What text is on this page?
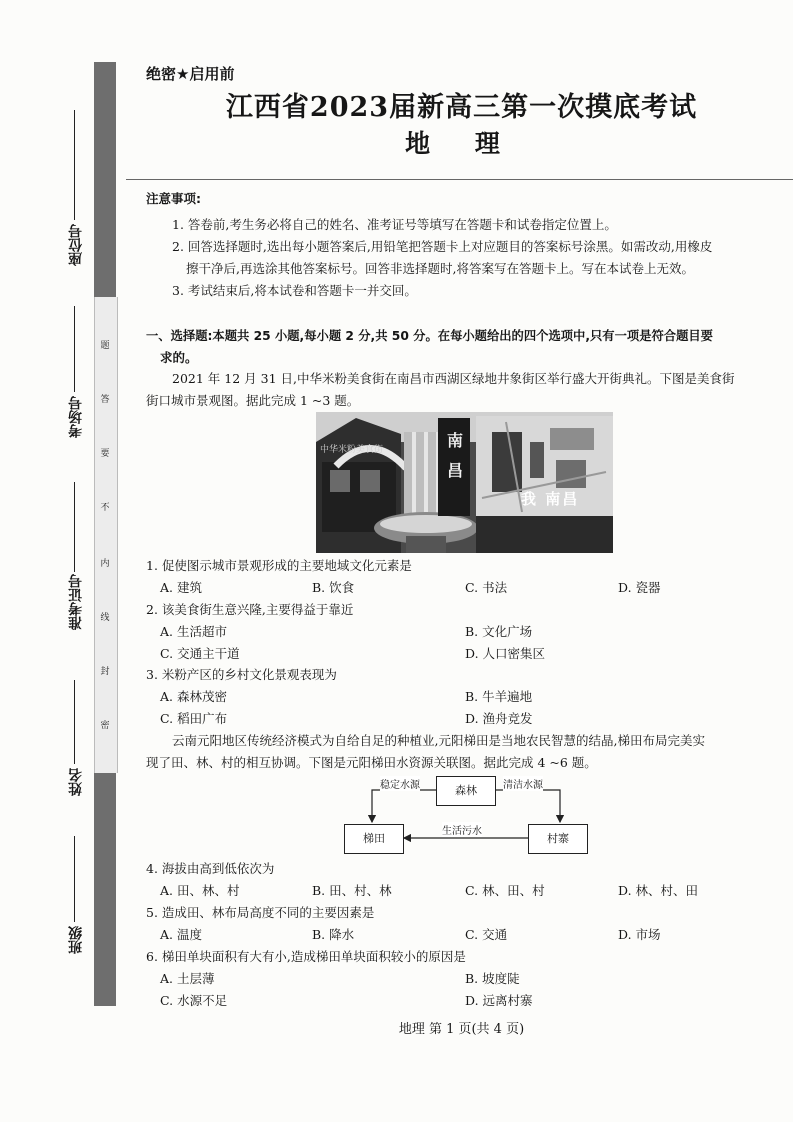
题
答
要
不
内
线
封
密
座位号
考场号
准考证号
姓名
班级
绝密★启用前
江西省2023届新高三第一次摸底考试
地 理
注意事项:
1. 答卷前,考生务必将自己的姓名、准考证号等填写在答题卡和试卷指定位置上。
2. 回答选择题时,选出每小题答案后,用铅笔把答题卡上对应题目的答案标号涂黑。如需改动,用橡皮
擦干净后,再选涂其他答案标号。回答非选择题时,将答案写在答题卡上。写在本试卷上无效。
3. 考试结束后,将本试卷和答题卡一并交回。
一、选择题:本题共 25 小题,每小题 2 分,共 50 分。在每小题给出的四个选项中,只有一项是符合题目要
求的。
2021 年 12 月 31 日,中华米粉美食街在南昌市西湖区绿地井象街区举行盛大开街典礼。下图是美食街
街口城市景观图。据此完成 1 ~3 题。
南
昌
我 南昌
中华米粉美食街
1. 促使图示城市景观形成的主要地域文化元素是
A. 建筑	B. 饮食	C. 书法	D. 瓷器
2. 该美食街生意兴隆,主要得益于靠近
A. 生活超市	B. 文化广场
C. 交通主干道	D. 人口密集区
3. 米粉产区的乡村文化景观表现为
A. 森林茂密	B. 牛羊遍地
C. 稻田广布	D. 渔舟竞发
云南元阳地区传统经济模式为自给自足的种植业,元阳梯田是当地农民智慧的结晶,梯田布局完美实
现了田、林、村的相互协调。下图是元阳梯田水资源关联图。据此完成 4 ~6 题。
森林
梯田	村寨
稳定水源	清洁水源
生活污水
4. 海拔由高到低依次为
A. 田、林、村	B. 田、村、林	C. 林、田、村	D. 林、村、田
5. 造成田、林布局高度不同的主要因素是
A. 温度	B. 降水	C. 交通	D. 市场
6. 梯田单块面积有大有小,造成梯田单块面积较小的原因是
A. 土层薄	B. 坡度陡
C. 水源不足	D. 远离村寨
地理 第 1 页(共 4 页)
